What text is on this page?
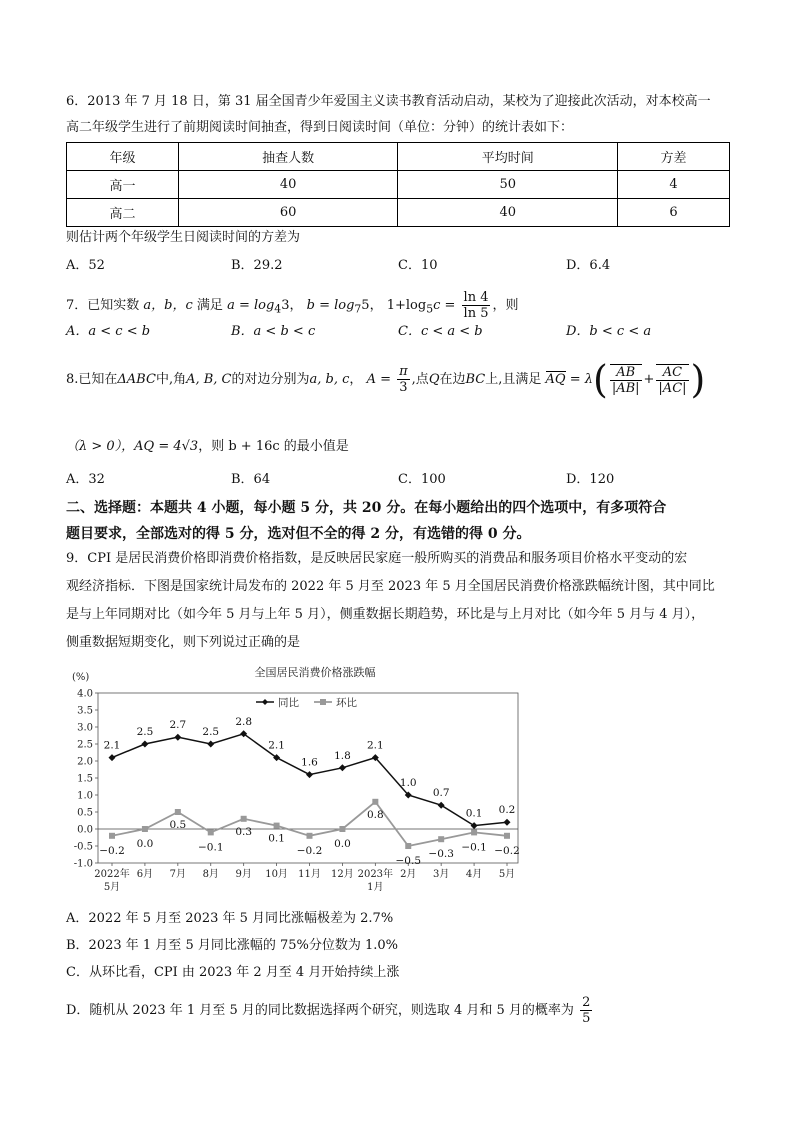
6．2013 年 7 月 18 日，第 31 届全国青少年爱国主义读书教育活动启动，某校为了迎接此次活动，对本校高一
高二年级学生进行了前期阅读时间抽查，得到日阅读时间（单位：分钟）的统计表如下：
年级	抽查人数	平均时间	方差
高一	40	50	4
高二	60	40	6
则估计两个年级学生日阅读时间的方差为
A．52	B．29.2	C．10	D．6.4
7．已知实数 a，b，c 满足 $a = \log_43$， $b = \log_75$， $1+\log_5c = \frac{\ln 4}{\ln 5}$ ，则
A．a < c < b	B．a < b < c	C．c < a < b	D．b < c < a
8.已知在ΔABC中,角A, B, C的对边分别为a, b, c， $A = \frac{\pi}{3}$ ,点Q在边BC上,且满足 AQ = $\lambda( \frac{AB}{|AB|} + \frac{AC}{|AC|}$ )
（λ > 0），AQ = 4√3，则 b + 16c 的最小值是
A．32	B．64	C．100	D．120
二、选择题：本题共 4 小题，每小题 5 分，共 20 分。在每小题给出的四个选项中，有多项符合
题目要求，全部选对的得 5 分，选对但不全的得 2 分，有选错的得 0 分。
9．CPI 是居民消费价格即消费价格指数，是反映居民家庭一般所购买的消费品和服务项目价格水平变动的宏
观经济指标．下图是国家统计局发布的 2022 年 5 月至 2023 年 5 月全国居民消费价格涨跌幅统计图，其中同比
是与上年同期对比（如今年 5 月与上年 5 月），侧重数据长期趋势，环比是与上月对比（如今年 5 月与 4 月），
侧重数据短期变化，则下列说过正确的是
全国居民消费价格涨跌幅
(%)
同比	环比
4.0
3.5
3.0
2.5
2.0
1.5
1.0
0.5
0.0
-0.5
-1.0
2022年
5月
6月 7月 8月 9月 10月 11月 12月 2023年
1月
2月 3月 4月 5月
2.1
2.5
2.7
2.5
2.8
2.1
1.6
1.8
2.1
1.0
0.7
0.1 0.2
−0.2
0.0
0.5
−0.1
0.3
0.1
−0.2
0.0
0.8
−0.5
−0.3
−0.1 −0.2
A．2022 年 5 月至 2023 年 5 月同比涨幅极差为 2.7%
B．2023 年 1 月至 5 月同比涨幅的 75%分位数为 1.0%
C．从环比看，CPI 由 2023 年 2 月至 4 月开始持续上涨
D．随机从 2023 年 1 月至 5 月的同比数据选择两个研究，则选取 4 月和 5 月的概率为 $\frac{2}{5}$
